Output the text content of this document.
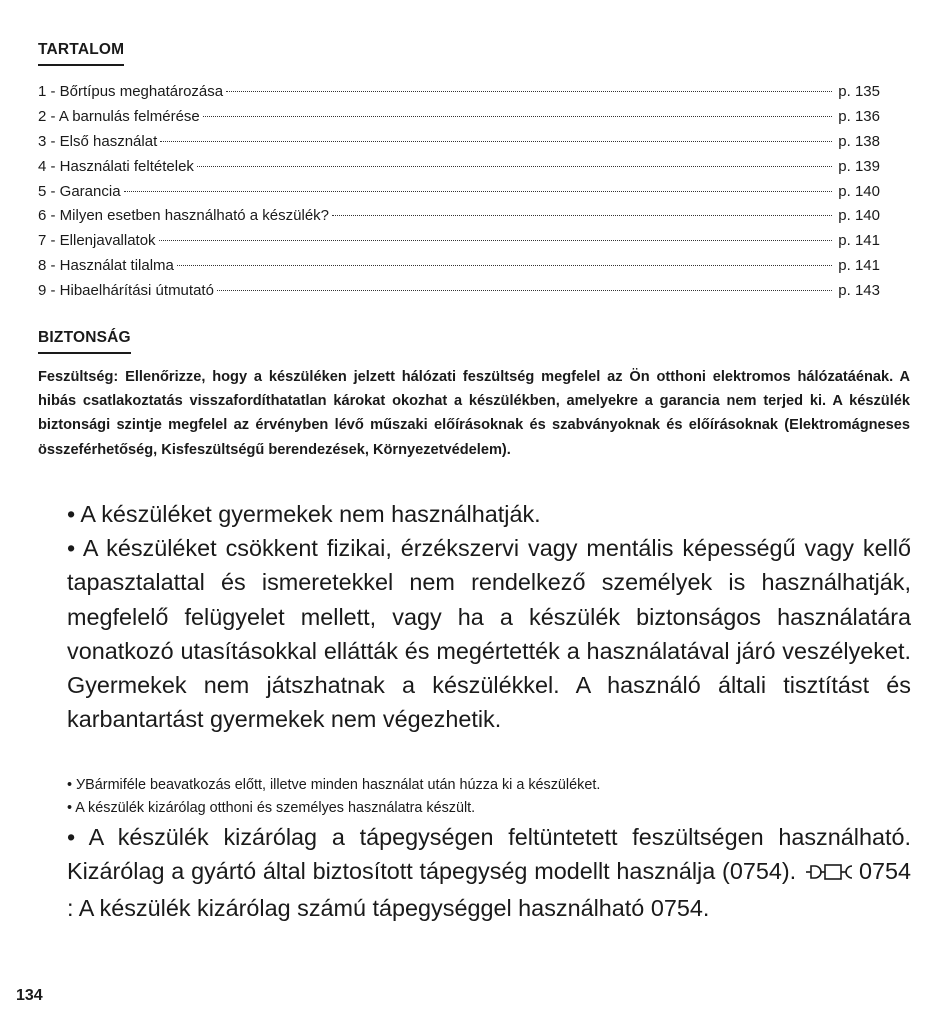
TARTALOM
1 - Bőrtípus meghatározása	p. 135
2 - A barnulás felmérése	p. 136
3 - Első használat	p. 138
4 - Használati feltételek	p. 139
5 - Garancia	p. 140
6 - Milyen esetben használható a készülék?	p. 140
7 - Ellenjavallatok	p. 141
8 - Használat tilalma	p. 141
9 - Hibaelhárítási útmutató	p. 143
BIZTONSÁG

Feszültség: Ellenőrizze, hogy a készüléken jelzett hálózati feszültség megfelel az Ön otthoni elektromos hálózatáénak. A hibás csatlakoztatás visszafordíthatatlan károkat okozhat a készülékben, amelyekre a garancia nem terjed ki. A készülék biztonsági szintje megfelel az érvényben lévő műszaki előírásoknak és szabványoknak és előírásoknak (Elektromágneses összeférhetőség, Kisfeszültségű berendezések, Környezetvédelem).

• A készüléket gyermekek nem használhatják.

• A készüléket csökkent fizikai, érzékszervi vagy mentális képességű vagy kellő tapasztalattal és ismeretekkel nem rendelkező személyek is használhatják, megfelelő felügyelet mellett, vagy ha a készülék biztonságos használatára vonatkozó utasításokkal ellátták és megértették a használatával járó veszélyeket. Gyermekek nem játszhatnak a készülékkel. A használó általi tisztítást és karbantartást gyermekek nem végezhetik.

• УBármiféle beavatkozás előtt, illetve minden használat után húzza ki a készüléket.

• A készülék kizárólag otthoni és személyes használatra készült.

• A készülék kizárólag a tápegységen feltüntetett feszültségen használható. Kizárólag a gyártó által biztosított tápegység modellt használja (0754).	0754 : A készülék kizárólag számú tápegységgel használható 0754.

134
